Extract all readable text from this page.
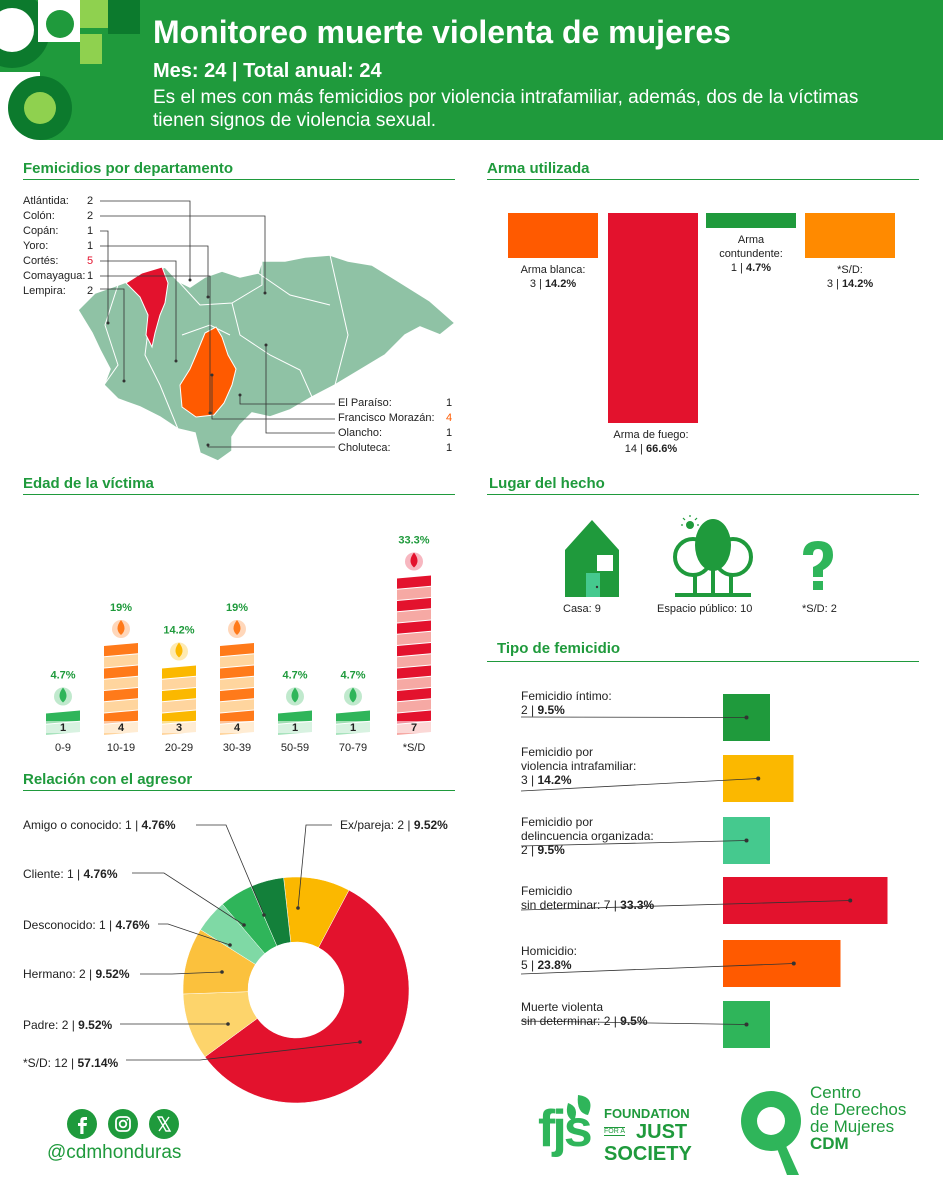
Monitoreo muerte violenta de mujeres
Mes: 24 | Total anual: 24
Es el mes con más femicidios por violencia intrafamiliar, además, dos de la víctimas tienen signos de violencia sexual.
Femicidios por departamento
Atlántida: 2
Colón:	2
Copán:	1
Yoro:	1
Cortés:	5
Comayagua: 1
Lempira: 2
El Paraíso:	1
Francisco Morazán: 4
Olancho:	1
Choluteca:	1
Arma utilizada
Arma blanca:
3 | 14.2%
Arma de fuego:
14 | 66.6%
Arma
contundente:
1 | 4.7%	*S/D:
3 | 14.2%
Edad de la víctima
1
4.7%
0-9
4
19%
10-19
3
14.2%
20-29
4
19%
30-39
1
4.7%
50-59
1
4.7%
70-79
7
33.3%
*S/D
Lugar del hecho
Casa: 9	Espacio público: 10	*S/D: 2
Relación con el agresor
Amigo o conocido: 1 | 4.76%
Cliente: 1 | 4.76%
Desconocido: 1 | 4.76%
Hermano: 2 | 9.52%
Padre: 2 | 9.52%
*S/D: 12 | 57.14%
Ex/pareja: 2 | 9.52%
Tipo de femicidio
Femicidio íntimo:
2 | 9.5%
Femicidio por
violencia intrafamiliar:
3 | 14.2%
Femicidio por
delincuencia organizada:
2 | 9.5%
Femicidio
sin determinar: 7 | 33.3%
Homicidio:
5 | 23.8%
Muerte violenta
sin determinar: 2 | 9.5%
@cdmhonduras	fjs FOUNDATION
FOR A JUST
SOCIETY
Centro
de Derechos
de Mujeres
CDM
